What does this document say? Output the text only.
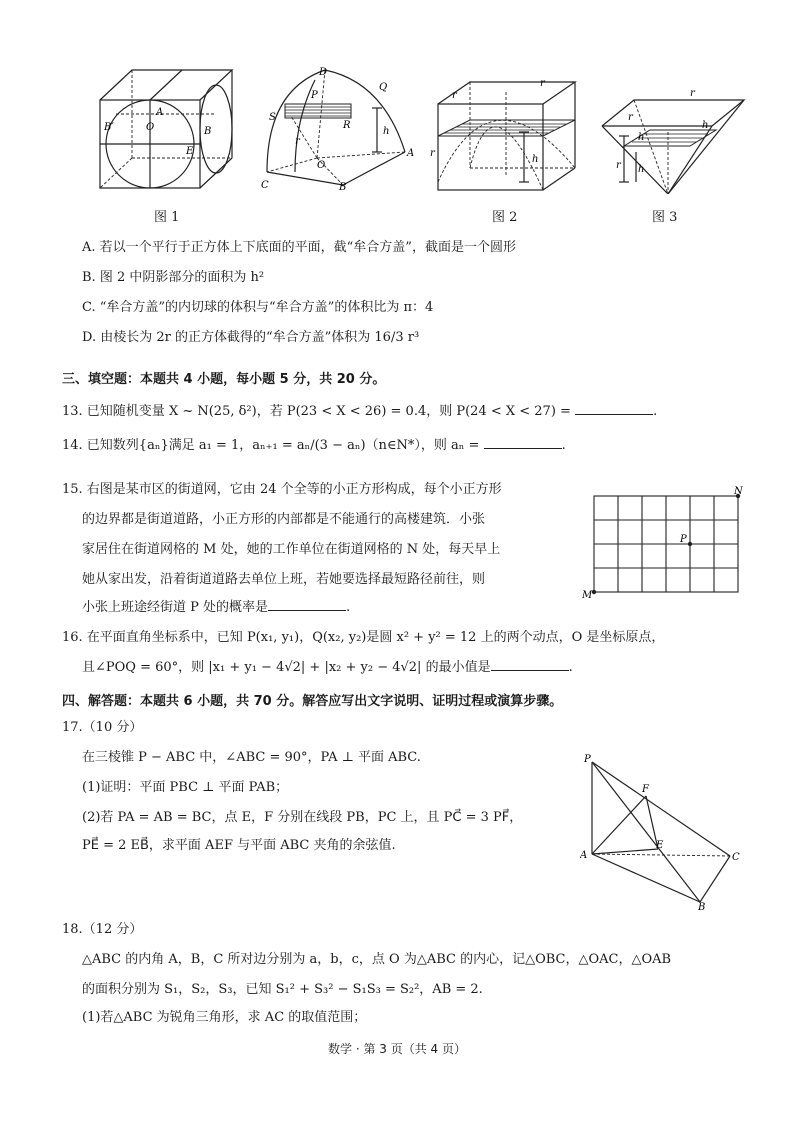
A
B′	O	B
E
图 1
D
P
Q
S
R
r
h
O
A
C	B
r
r
r
h
图 2
r
r
r
h
h
h
图 3
A. 若以一个平行于正方体上下底面的平面，截“牟合方盖”，截面是一个圆形
B. 图 2 中阴影部分的面积为 h²
C. “牟合方盖”的内切球的体积与“牟合方盖”的体积比为 π：4
D. 由棱长为 2r 的正方体截得的“牟合方盖”体积为 16/3 r³
三、填空题：本题共 4 小题，每小题 5 分，共 20 分。
13. 已知随机变量 X ~ N(25, δ²)，若 P(23 < X < 26) = 0.4，则 P(24 < X < 27) =	.
14. 已知数列{aₙ}满足 a₁ = 1，aₙ₊₁ = aₙ/(3 − aₙ)（n∈N*），则 aₙ =	.
15. 右图是某市区的街道网，它由 24 个全等的小正方形构成，每个小正方形
的边界都是街道道路，小正方形的内部都是不能通行的高楼建筑．小张
家居住在街道网格的 M 处，她的工作单位在街道网格的 N 处，每天早上
她从家出发，沿着街道道路去单位上班，若她要选择最短路径前往，则
小张上班途经街道 P 处的概率是	.
M
N
P
16. 在平面直角坐标系中，已知 P(x₁, y₁)，Q(x₂, y₂)是圆 x² + y² = 12 上的两个动点，O 是坐标原点，
且∠POQ = 60°，则 |x₁ + y₁ − 4√2| + |x₂ + y₂ − 4√2| 的最小值是	.
四、解答题：本题共 6 小题，共 70 分。解答应写出文字说明、证明过程或演算步骤。
17.（10 分）
在三棱锥 P − ABC 中，∠ABC = 90°，PA ⊥ 平面 ABC.
(1)证明：平面 PBC ⊥ 平面 PAB；
(2)若 PA = AB = BC，点 E，F 分别在线段 PB，PC 上，且 PC⃗ = 3 PF⃗，
PE⃗ = 2 EB⃗，求平面 AEF 与平面 ABC 夹角的余弦值.
P
F
A
E
C
B
18.（12 分）
△ABC 的内角 A，B，C 所对边分别为 a，b，c，点 O 为△ABC 的内心，记△OBC，△OAC，△OAB
的面积分别为 S₁，S₂，S₃，已知 S₁² + S₃² − S₁S₃ = S₂²，AB = 2.
(1)若△ABC 为锐角三角形，求 AC 的取值范围；
数学 · 第 3 页（共 4 页）
